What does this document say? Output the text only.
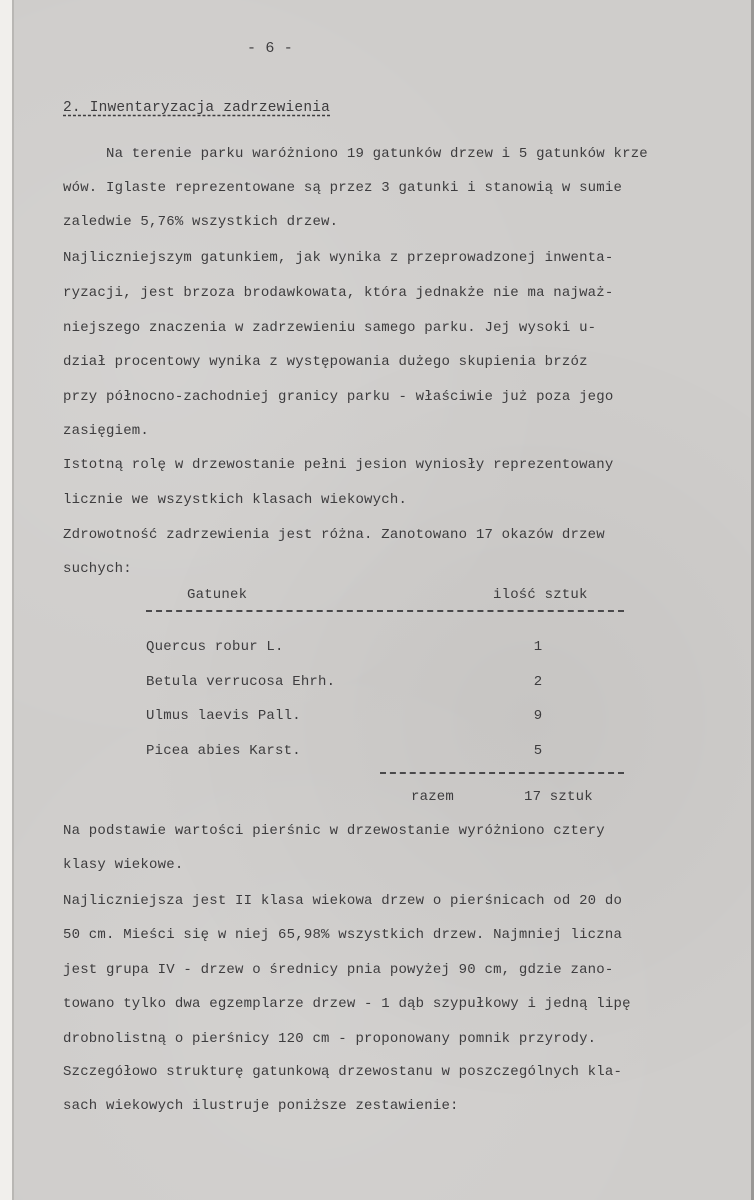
- 6 -
2. Inwentaryzacja zadrzewienia
Na terenie parku waróżniono 19 gatunków drzew i 5 gatunków krze
wów. Iglaste reprezentowane są przez 3 gatunki i stanowią w sumie
zaledwie 5,76% wszystkich drzew.
Najliczniejszym gatunkiem, jak wynika z przeprowadzonej inwenta-
ryzacji, jest brzoza brodawkowata, która jednakże nie ma najważ-
niejszego znaczenia w zadrzewieniu samego parku. Jej wysoki u-
dział procentowy wynika z występowania dużego skupienia brzóz
przy północno-zachodniej granicy parku - właściwie już poza jego
zasięgiem.
Istotną rolę w drzewostanie pełni jesion wyniosły reprezentowany
licznie we wszystkich klasach wiekowych.
Zdrowotność zadrzewienia jest różna. Zanotowano 17 okazów drzew
suchych:
Gatunek	ilość sztuk
Quercus robur L.	1
Betula verrucosa Ehrh.	2
Ulmus laevis Pall.	9
Picea abies Karst.	5
razem	17 sztuk
Na podstawie wartości pierśnic w drzewostanie wyróżniono cztery
klasy wiekowe.
Najliczniejsza jest II klasa wiekowa drzew o pierśnicach od 20 do
50 cm. Mieści się w niej 65,98% wszystkich drzew. Najmniej liczna
jest grupa IV - drzew o średnicy pnia powyżej 90 cm, gdzie zano-
towano tylko dwa egzemplarze drzew - 1 dąb szypułkowy i jedną lipę
drobnolistną o pierśnicy 120 cm - proponowany pomnik przyrody.
Szczegółowo strukturę gatunkową drzewostanu w poszczególnych kla-
sach wiekowych ilustruje poniższe zestawienie:
